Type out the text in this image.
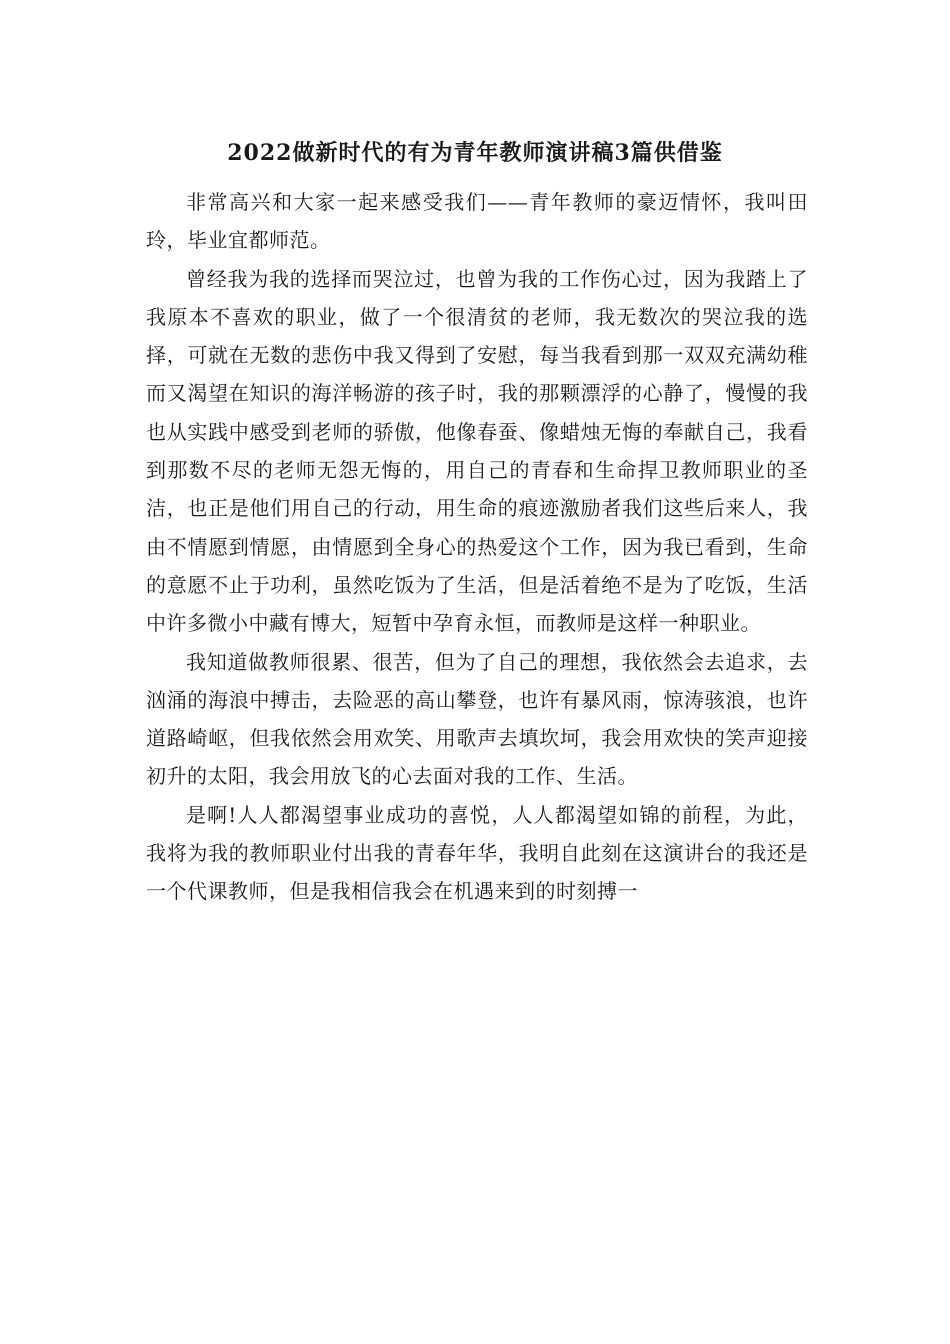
2022做新时代的有为青年教师演讲稿3篇供借鉴

非常高兴和大家一起来感受我们——青年教师的豪迈情怀，我叫田玲，毕业宜都师范。

曾经我为我的选择而哭泣过，也曾为我的工作伤心过，因为我踏上了我原本不喜欢的职业，做了一个很清贫的老师，我无数次的哭泣我的选择，可就在无数的悲伤中我又得到了安慰，每当我看到那一双双充满幼稚而又渴望在知识的海洋畅游的孩子时，我的那颗漂浮的心静了，慢慢的我也从实践中感受到老师的骄傲，他像春蚕、像蜡烛无悔的奉献自己，我看到那数不尽的老师无怨无悔的，用自己的青春和生命捍卫教师职业的圣洁，也正是他们用自己的行动，用生命的痕迹激励者我们这些后来人，我由不情愿到情愿，由情愿到全身心的热爱这个工作，因为我已看到，生命的意愿不止于功利，虽然吃饭为了生活，但是活着绝不是为了吃饭，生活中许多微小中藏有博大，短暂中孕育永恒，而教师是这样一种职业。

我知道做教师很累、很苦，但为了自己的理想，我依然会去追求，去汹涌的海浪中搏击，去险恶的高山攀登，也许有暴风雨，惊涛骇浪，也许道路崎岖，但我依然会用欢笑、用歌声去填坎坷，我会用欢快的笑声迎接初升的太阳，我会用放飞的心去面对我的工作、生活。

是啊!人人都渴望事业成功的喜悦，人人都渴望如锦的前程，为此，我将为我的教师职业付出我的青春年华，我明自此刻在这演讲台的我还是一个代课教师，但是我相信我会在机遇来到的时刻搏一
